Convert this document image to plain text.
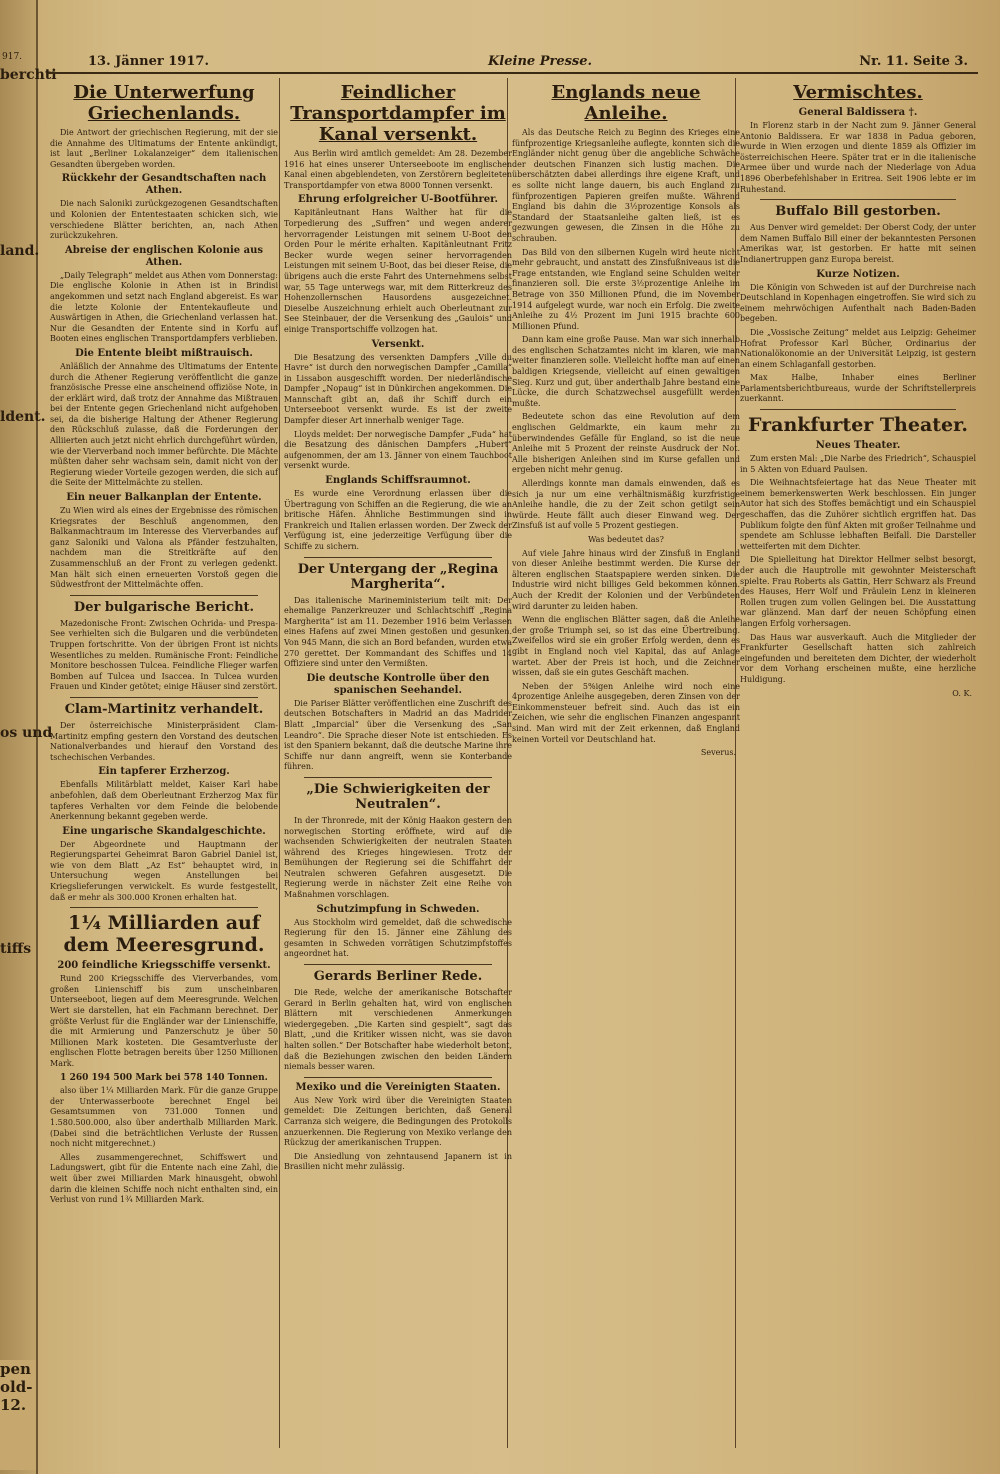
917.
berchti
land.
ldent.
os und
tiffs
pen
old-
12.
13. Jänner 1917.	Kleine Presse.	Nr. 11. Seite 3.
Die Unterwerfung Griechenlands.

Die Antwort der griechischen Regierung, mit der sie die Annahme des Ultimatums der Entente ankündigt, ist laut „Berliner Lokalanzeiger“ dem italienischen Gesandten übergeben worden.

Rückkehr der Gesandtschaften nach Athen.

Die nach Saloniki zurückgezogenen Gesandtschaften und Kolonien der Ententestaaten schicken sich, wie verschiedene Blätter berichten, an, nach Athen zurückzukehren.

Abreise der englischen Kolonie aus Athen.

„Daily Telegraph“ meldet aus Athen vom Donnerstag: Die englische Kolonie in Athen ist in Brindisi angekommen und setzt nach England abgereist. Es war die letzte Kolonie der Ententekaufleute und Auswärtigen in Athen, die Griechenland verlassen hat. Nur die Gesandten der Entente sind in Korfu auf Booten eines englischen Transportdampfers verblieben.

Die Entente bleibt mißtrauisch.

Anläßlich der Annahme des Ultimatums der Entente durch die Athener Regierung veröffentlicht die ganze französische Presse eine anscheinend offiziöse Note, in der erklärt wird, daß trotz der Annahme das Mißtrauen bei der Entente gegen Griechenland nicht aufgehoben sei, da die bisherige Haltung der Athener Regierung den Rückschluß zulasse, daß die Forderungen der Alliierten auch jetzt nicht ehrlich durchgeführt würden, wie der Vierverband noch immer befürchte. Die Mächte müßten daher sehr wachsam sein, damit nicht von der Regierung wieder Vorteile gezogen werden, die sich auf die Seite der Mittelmächte zu stellen.

Ein neuer Balkanplan der Entente.

Zu Wien wird als eines der Ergebnisse des römischen Kriegsrates der Beschluß angenommen, den Balkanmachtraum im Interesse des Vierverbandes auf ganz Saloniki und Valona als Pfänder festzuhalten, nachdem man die Streitkräfte auf den Zusammenschluß an der Front zu verlegen gedenkt. Man hält sich einen erneuerten Vorstoß gegen die Südwestfront der Mittelmächte offen.

Der bulgarische Bericht.

Mazedonische Front: Zwischen Ochrida- und Prespa-See verhielten sich die Bulgaren und die verbündeten Truppen fortschritte. Von der übrigen Front ist nichts Wesentliches zu melden. Rumänische Front: Feindliche Monitore beschossen Tulcea. Feindliche Flieger warfen Bomben auf Tulcea und Isaccea. In Tulcea wurden Frauen und Kinder getötet; einige Häuser sind zerstört.

Clam-Martinitz verhandelt.

Der österreichische Ministerpräsident Clam-Martinitz empfing gestern den Vorstand des deutschen Nationalverbandes und hierauf den Vorstand des tschechischen Verbandes.

Ein tapferer Erzherzog.

Ebenfalls Militärblatt meldet, Kaiser Karl habe anbefohlen, daß dem Oberleutnant Erzherzog Max für tapferes Verhalten vor dem Feinde die belobende Anerkennung bekannt gegeben werde.

Eine ungarische Skandalgeschichte.

Der Abgeordnete und Hauptmann der Regierungspartei Geheimrat Baron Gabriel Daniel ist, wie von dem Blatt „Az Est“ behauptet wird, in Untersuchung wegen Anstellungen bei Kriegslieferungen verwickelt. Es wurde festgestellt, daß er mehr als 300.000 Kronen erhalten hat.

1¼ Milliarden auf dem Meeresgrund.
200 feindliche Kriegsschiffe versenkt.

Rund 200 Kriegsschiffe des Vierverbandes, vom großen Linienschiff bis zum unscheinbaren Unterseeboot, liegen auf dem Meeresgrunde. Welchen Wert sie darstellen, hat ein Fachmann berechnet. Der größte Verlust für die Engländer war der Linienschiffe, die mit Armierung und Panzerschutz je über 50 Millionen Mark kosteten. Die Gesamtverluste der englischen Flotte betragen bereits über 1250 Millionen Mark.

1 260 194 500 Mark bei 578 140 Tonnen.

also über 1¼ Milliarden Mark. Für die ganze Gruppe der Unterwasserboote berechnet Engel bei Gesamtsummen von 731.000 Tonnen und 1.580.500.000, also über anderthalb Milliarden Mark. (Dabei sind die beträchtlichen Verluste der Russen noch nicht mitgerechnet.)

Alles zusammengerechnet, Schiffswert und Ladungswert, gibt für die Entente nach eine Zahl, die weit über zwei Milliarden Mark hinausgeht, obwohl darin die kleinen Schiffe noch nicht enthalten sind, ein Verlust von rund 1¾ Milliarden Mark.

Feindlicher Transportdampfer im Kanal versenkt.

Aus Berlin wird amtlich gemeldet: Am 28. Dezember 1916 hat eines unserer Unterseeboote im englischen Kanal einen abgeblendeten, von Zerstörern begleiteten Transportdampfer von etwa 8000 Tonnen versenkt.

Ehrung erfolgreicher U-Bootführer.

Kapitänleutnant Hans Walther hat für die Torpedierung des „Suffren“ und wegen anderer hervorragender Leistungen mit seinem U-Boot den Orden Pour le mérite erhalten. Kapitänleutnant Fritz Becker wurde wegen seiner hervorragenden Leistungen mit seinem U-Boot, das bei dieser Reise, die übrigens auch die erste Fahrt des Unternehmens selbst war, 55 Tage unterwegs war, mit dem Ritterkreuz des Hohenzollernschen Hausordens ausgezeichnet. Dieselbe Auszeichnung erhielt auch Oberleutnant zur See Steinbauer, der die Versenkung des „Gaulois“ und einige Transportschiffe vollzogen hat.

Versenkt.

Die Besatzung des versenkten Dampfers „Ville du Havre“ ist durch den norwegischen Dampfer „Camilla“ in Lissabon ausgeschifft worden. Der niederländische Dampfer „Nopaug“ ist in Dünkirchen angekommen. Die Mannschaft gibt an, daß ihr Schiff durch ein Unterseeboot versenkt wurde. Es ist der zweite Dampfer dieser Art innerhalb weniger Tage.

Lloyds meldet: Der norwegische Dampfer „Fuda“ hat die Besatzung des dänischen Dampfers „Hubert“ aufgenommen, der am 13. Jänner von einem Tauchboot versenkt wurde.

Englands Schiffsraumnot.

Es wurde eine Verordnung erlassen über die Übertragung von Schiffen an die Regierung, die wie an britische Häfen. Ähnliche Bestimmungen sind in Frankreich und Italien erlassen worden. Der Zweck der Verfügung ist, eine jederzeitige Verfügung über die Schiffe zu sichern.

Der Untergang der „Regina Margherita“.

Das italienische Marineministerium teilt mit: Der ehemalige Panzerkreuzer und Schlachtschiff „Regina Margherita“ ist am 11. Dezember 1916 beim Verlassen eines Hafens auf zwei Minen gestoßen und gesunken. Von 945 Mann, die sich an Bord befanden, wurden etwa 270 gerettet. Der Kommandant des Schiffes und 14 Offiziere sind unter den Vermißten.

Die deutsche Kontrolle über den spanischen Seehandel.

Die Pariser Blätter veröffentlichen eine Zuschrift des deutschen Botschafters in Madrid an das Madrider Blatt „Imparcial“ über die Versenkung des „San Leandro“. Die Sprache dieser Note ist entschieden. Es ist den Spaniern bekannt, daß die deutsche Marine ihre Schiffe nur dann angreift, wenn sie Konterbande führen.

„Die Schwierigkeiten der Neutralen“.

In der Thronrede, mit der König Haakon gestern den norwegischen Storting eröffnete, wird auf die wachsenden Schwierigkeiten der neutralen Staaten während des Krieges hingewiesen. Trotz der Bemühungen der Regierung sei die Schiffahrt der Neutralen schweren Gefahren ausgesetzt. Die Regierung werde in nächster Zeit eine Reihe von Maßnahmen vorschlagen.

Schutzimpfung in Schweden.

Aus Stockholm wird gemeldet, daß die schwedische Regierung für den 15. Jänner eine Zählung des gesamten in Schweden vorrätigen Schutzimpfstoffes angeordnet hat.

Gerards Berliner Rede.

Die Rede, welche der amerikanische Botschafter Gerard in Berlin gehalten hat, wird von englischen Blättern mit verschiedenen Anmerkungen wiedergegeben. „Die Karten sind gespielt“, sagt das Blatt, „und die Kritiker wissen nicht, was sie davon halten sollen.“ Der Botschafter habe wiederholt betont, daß die Beziehungen zwischen den beiden Ländern niemals besser waren.

Mexiko und die Vereinigten Staaten.

Aus New York wird über die Vereinigten Staaten gemeldet: Die Zeitungen berichten, daß General Carranza sich weigere, die Bedingungen des Protokolls anzuerkennen. Die Regierung von Mexiko verlange den Rückzug der amerikanischen Truppen.

Die Ansiedlung von zehntausend Japanern ist in Brasilien nicht mehr zulässig.

Englands neue Anleihe.

Als das Deutsche Reich zu Beginn des Krieges eine fünfprozentige Kriegsanleihe auflegte, konnten sich die Engländer nicht genug über die angebliche Schwäche der deutschen Finanzen sich lustig machen. Die überschätzten dabei allerdings ihre eigene Kraft, und es sollte nicht lange dauern, bis auch England zu fünfprozentigen Papieren greifen mußte. Während England bis dahin die 3½prozentige Konsols als Standard der Staatsanleihe galten ließ, ist es gezwungen gewesen, die Zinsen in die Höhe zu schrauben.

Das Bild von den silbernen Kugeln wird heute nicht mehr gebraucht, und anstatt des Zinsfußniveaus ist die Frage entstanden, wie England seine Schulden weiter finanzieren soll. Die erste 3½prozentige Anleihe im Betrage von 350 Millionen Pfund, die im November 1914 aufgelegt wurde, war noch ein Erfolg. Die zweite Anleihe zu 4½ Prozent im Juni 1915 brachte 600 Millionen Pfund.

Dann kam eine große Pause. Man war sich innerhalb des englischen Schatzamtes nicht im klaren, wie man weiter finanzieren solle. Vielleicht hoffte man auf einen baldigen Kriegsende, vielleicht auf einen gewaltigen Sieg. Kurz und gut, über anderthalb Jahre bestand eine Lücke, die durch Schatzwechsel ausgefüllt werden mußte.

Bedeutete schon das eine Revolution auf dem englischen Geldmarkte, ein kaum mehr zu überwindendes Gefälle für England, so ist die neue Anleihe mit 5 Prozent der reinste Ausdruck der Not. Alle bisherigen Anleihen sind im Kurse gefallen und ergeben nicht mehr genug.

Allerdings konnte man damals einwenden, daß es sich ja nur um eine verhältnismäßig kurzfristige Anleihe handle, die zu der Zeit schon getilgt sein würde. Heute fällt auch dieser Einwand weg. Der Zinsfuß ist auf volle 5 Prozent gestiegen.

Was bedeutet das?

Auf viele Jahre hinaus wird der Zinsfuß in England von dieser Anleihe bestimmt werden. Die Kurse der älteren englischen Staatspapiere werden sinken. Die Industrie wird nicht billiges Geld bekommen können. Auch der Kredit der Kolonien und der Verbündeten wird darunter zu leiden haben.

Wenn die englischen Blätter sagen, daß die Anleihe der große Triumph sei, so ist das eine Übertreibung. Zweifellos wird sie ein großer Erfolg werden, denn es gibt in England noch viel Kapital, das auf Anlage wartet. Aber der Preis ist hoch, und die Zeichner wissen, daß sie ein gutes Geschäft machen.

Neben der 5%igen Anleihe wird noch eine 4prozentige Anleihe ausgegeben, deren Zinsen von der Einkommensteuer befreit sind. Auch das ist ein Zeichen, wie sehr die englischen Finanzen angespannt sind. Man wird mit der Zeit erkennen, daß England keinen Vorteil vor Deutschland hat.

Severus.
Vermischtes.
General Baldissera †.

In Florenz starb in der Nacht zum 9. Jänner General Antonio Baldissera. Er war 1838 in Padua geboren, wurde in Wien erzogen und diente 1859 als Offizier im österreichischen Heere. Später trat er in die italienische Armee über und wurde nach der Niederlage von Adua 1896 Oberbefehlshaber in Eritrea. Seit 1906 lebte er im Ruhestand.

Buffalo Bill gestorben.

Aus Denver wird gemeldet: Der Oberst Cody, der unter dem Namen Buffalo Bill einer der bekanntesten Personen Amerikas war, ist gestorben. Er hatte mit seinen Indianertruppen ganz Europa bereist.

Kurze Notizen.

Die Königin von Schweden ist auf der Durchreise nach Deutschland in Kopenhagen eingetroffen. Sie wird sich zu einem mehrwöchigen Aufenthalt nach Baden-Baden begeben.

Die „Vossische Zeitung“ meldet aus Leipzig: Geheimer Hofrat Professor Karl Bücher, Ordinarius der Nationalökonomie an der Universität Leipzig, ist gestern an einem Schlaganfall gestorben.

Max Halbe, Inhaber eines Berliner Parlamentsberichtbureaus, wurde der Schriftstellerpreis zuerkannt.

Frankfurter Theater.
Neues Theater.

Zum ersten Mal: „Die Narbe des Friedrich“, Schauspiel in 5 Akten von Eduard Paulsen.

Die Weihnachtsfeiertage hat das Neue Theater mit einem bemerkenswerten Werk beschlossen. Ein junger Autor hat sich des Stoffes bemächtigt und ein Schauspiel geschaffen, das die Zuhörer sichtlich ergriffen hat. Das Publikum folgte den fünf Akten mit großer Teilnahme und spendete am Schlusse lebhaften Beifall. Die Darsteller wetteiferten mit dem Dichter.

Die Spielleitung hat Direktor Hellmer selbst besorgt, der auch die Hauptrolle mit gewohnter Meisterschaft spielte. Frau Roberts als Gattin, Herr Schwarz als Freund des Hauses, Herr Wolf und Fräulein Lenz in kleineren Rollen trugen zum vollen Gelingen bei. Die Ausstattung war glänzend. Man darf der neuen Schöpfung einen langen Erfolg vorhersagen.

Das Haus war ausverkauft. Auch die Mitglieder der Frankfurter Gesellschaft hatten sich zahlreich eingefunden und bereiteten dem Dichter, der wiederholt vor dem Vorhang erscheinen mußte, eine herzliche Huldigung.

O. K.
